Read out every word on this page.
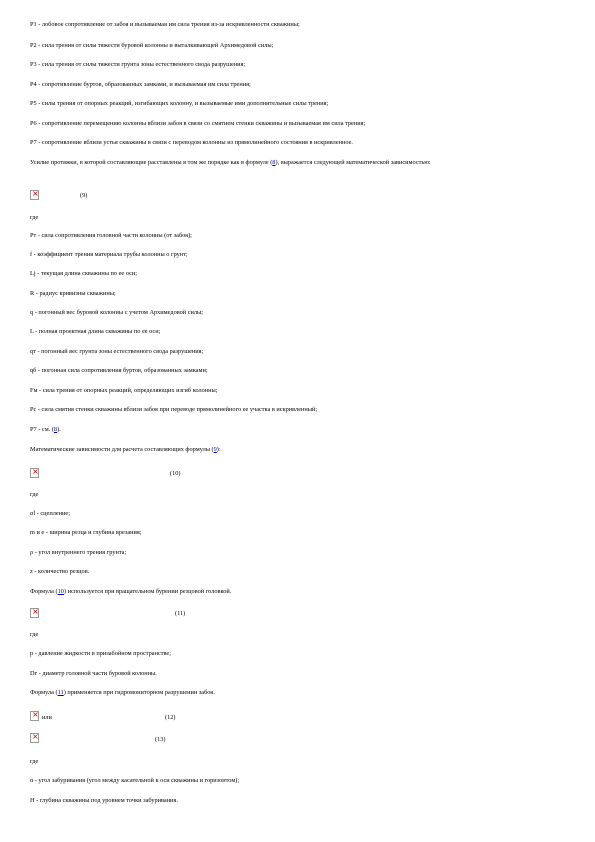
P1 - лобовое сопротивление от забоя и вызываемая им сила трения из-за искривленности скважины;
P2 - сила трения от силы тяжести буровой колонны и выталкивающей Архимедовой силы;
P3 - сила трения от силы тяжести грунта зоны естественного свода разрушения;
P4 - сопротивление буртов, образованных замками, и вызываемая им сила трения;
P5 - силы трения от опорных реакций, изгибающих колонну, и вызываемые ими дополнительные силы трения;
P6 - сопротивление перемещению колонны вблизи забоя в связи со смятием стенки скважины и вызываемая им сила трения;
P7 - сопротивление вблизи устья скважины в связи с переводом колонны из прямолинейного состояния в искривленное.
Усилие протяжки, в которой составляющие расставлены в том же порядке как в формуле (8), выражается следующей математической зависимостью:
×
(9)
где
Pт - сила сопротивления головной части колонны (от забоя);
f - коэффициент трения материала трубы колонны о грунт;
Lj - текущая длина скважины по ее оси;
R - радиус кривизны скважины;
q - погонный вес буровой колонны с учетом Архимедовой силы;
L - полная проектная длина скважины по ее оси;
qт - погонный вес грунта зоны естественного свода разрушения;
qб - погонная сила сопротивления буртов, образованных замками;
Fм - сила трения от опорных реакций, определяющих изгиб колонны;
Pс - сила смятия стенки скважины вблизи забоя при переводе прямолинейного ее участка в искривленный;
P7 - см. (8).
Математические зависимости для расчета составляющих формулы (9):
×
(10)
где
σl - сцепление;
m и e - ширина резца и глубина врезания;
ρ - угол внутреннего трения грунта;
z - количество резцов.
Формула (10) используется при вращательном бурении резцовой головкой.
×
(11)
где
p - давление жидкости в призабойном пространстве;
Dг - диаметр головной части буровой колонны.
Формула (11) применяется при гидромониторном разрушении забоя.
×
или	(12)
×
(13)
где
α - угол забуривания (угол между касательной к оси скважины и горизонтом);
H - глубина скважины под уровнем точки забуривания.
